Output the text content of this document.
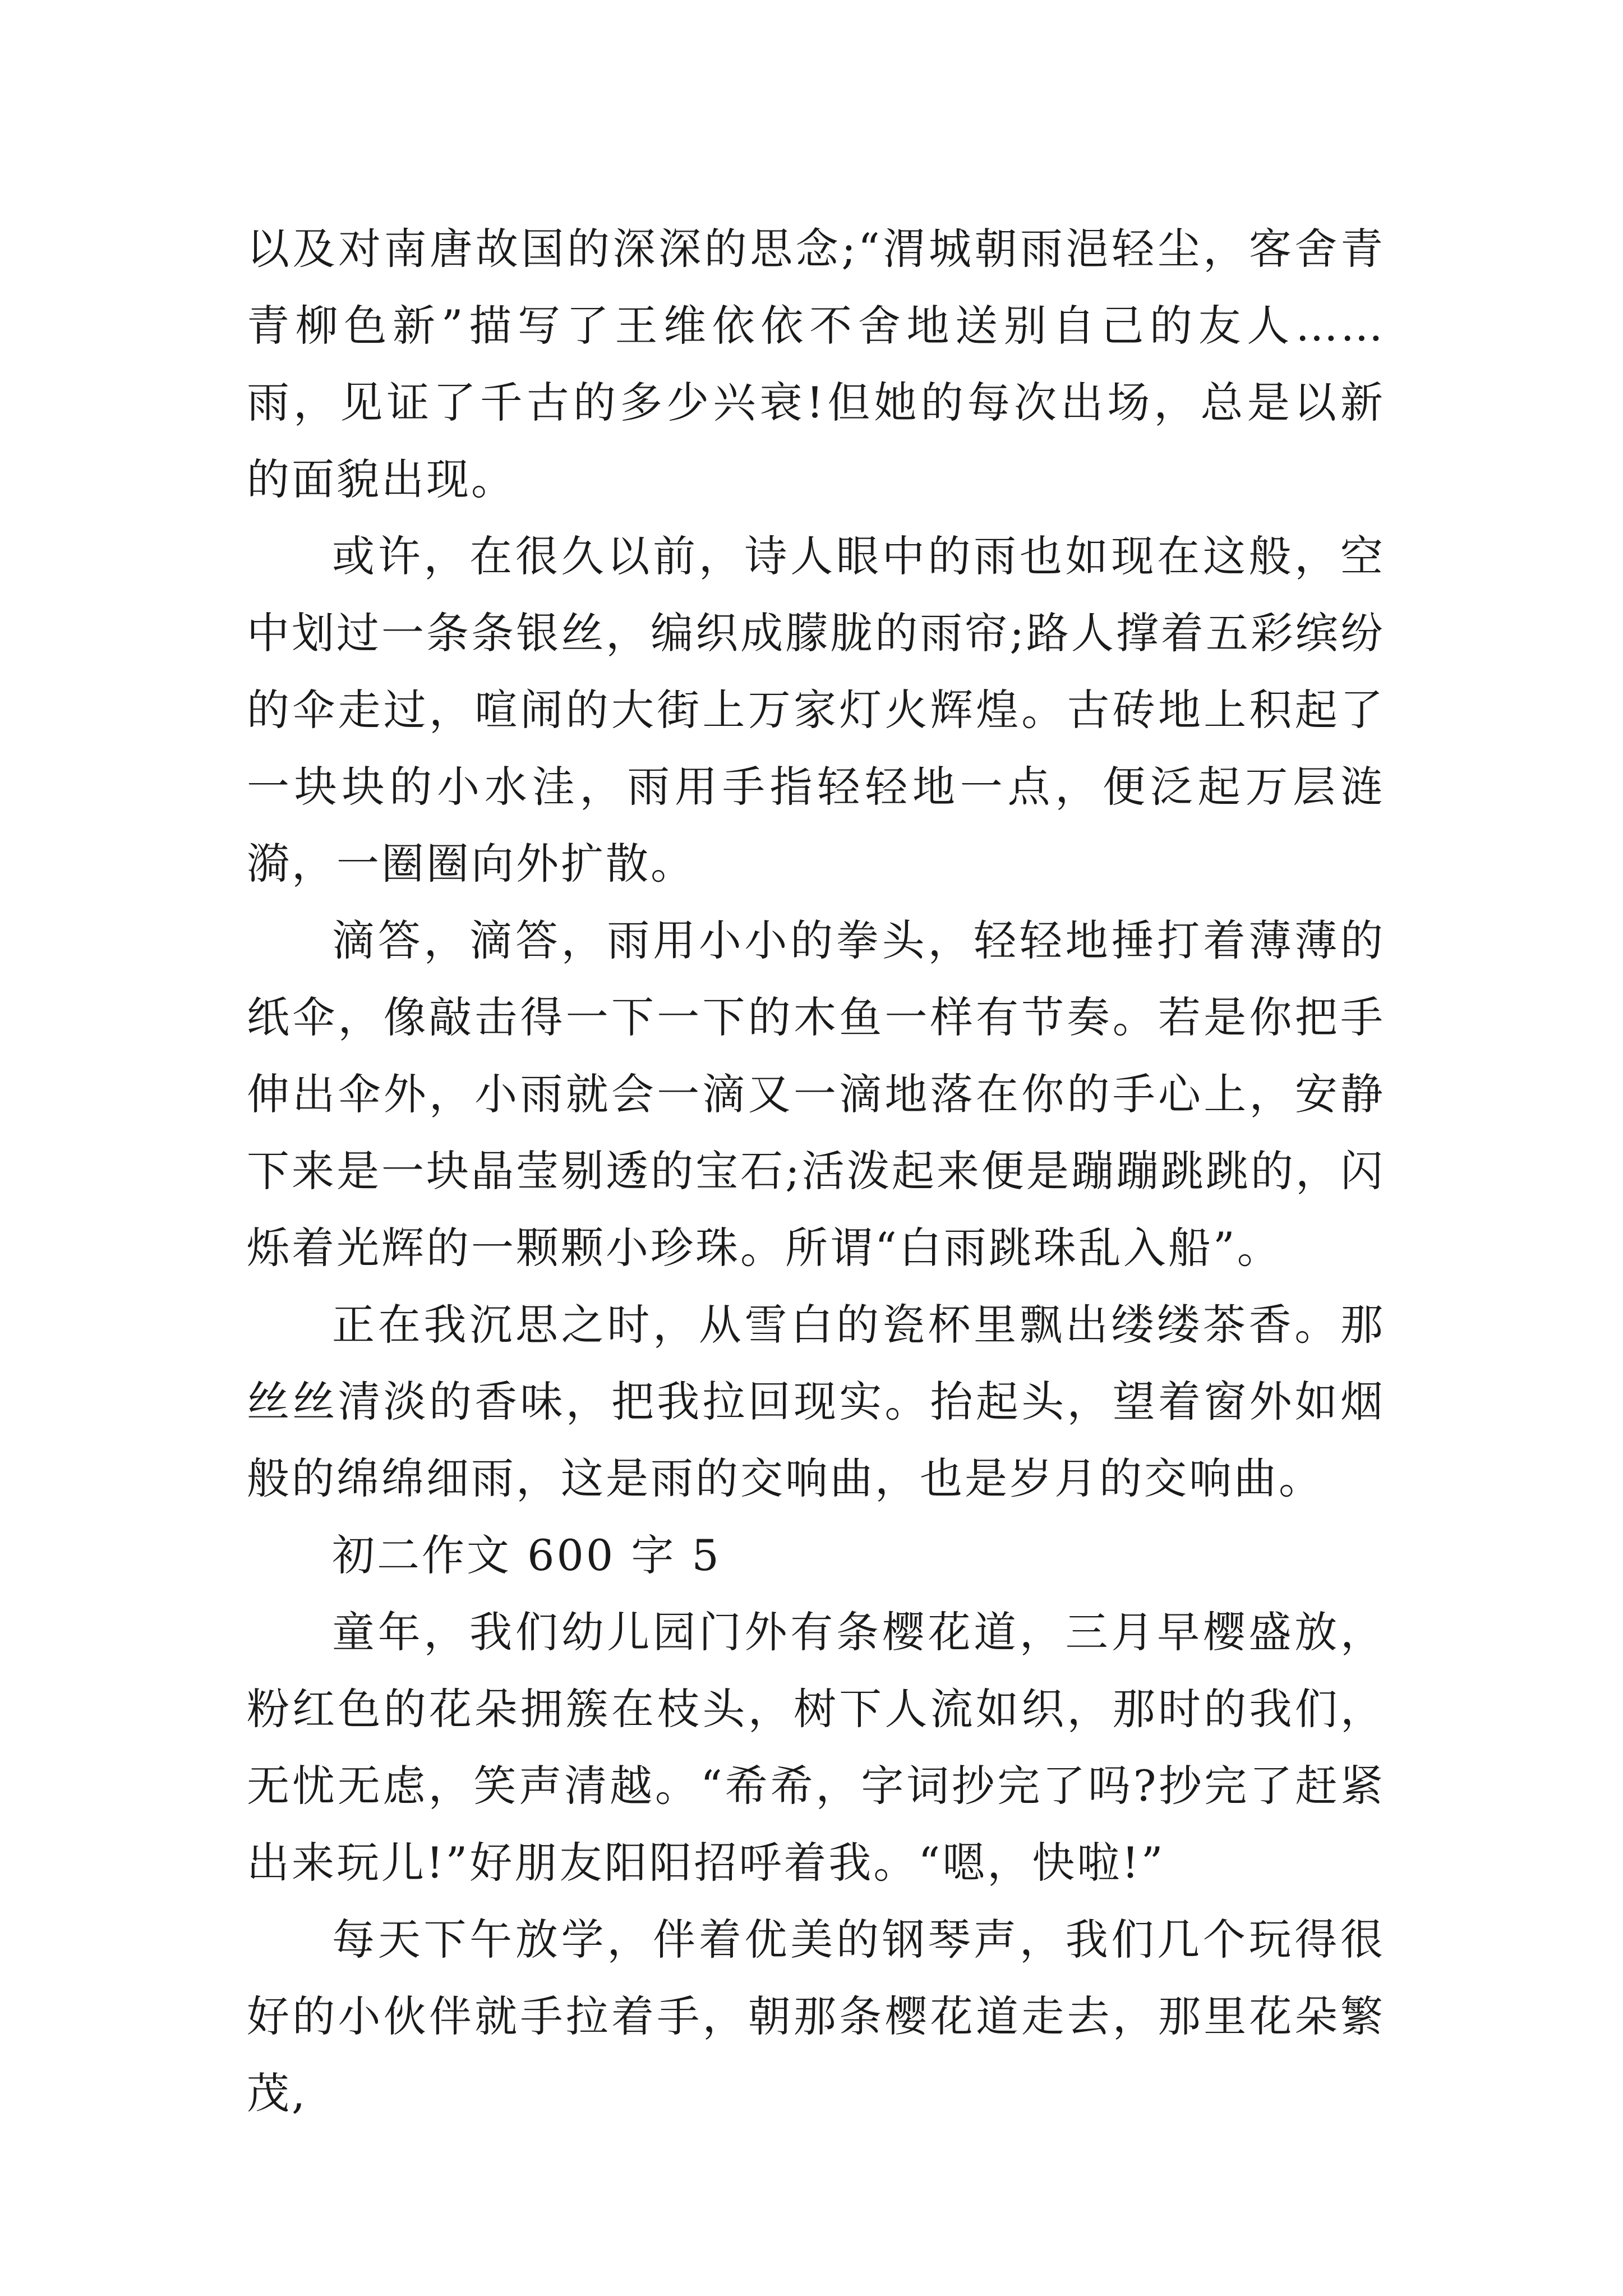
以及对南唐故国的深深的思念;“渭城朝雨浥轻尘，客舍青青柳色新”描写了王维依依不舍地送别自己的友人……雨，见证了千古的多少兴衰!但她的每次出场，总是以新的面貌出现。

或许，在很久以前，诗人眼中的雨也如现在这般，空中划过一条条银丝，编织成朦胧的雨帘;路人撑着五彩缤纷的伞走过，喧闹的大街上万家灯火辉煌。古砖地上积起了一块块的小水洼，雨用手指轻轻地一点，便泛起万层涟漪，一圈圈向外扩散。

滴答，滴答，雨用小小的拳头，轻轻地捶打着薄薄的纸伞，像敲击得一下一下的木鱼一样有节奏。若是你把手伸出伞外，小雨就会一滴又一滴地落在你的手心上，安静下来是一块晶莹剔透的宝石;活泼起来便是蹦蹦跳跳的，闪烁着光辉的一颗颗小珍珠。所谓“白雨跳珠乱入船”。

正在我沉思之时，从雪白的瓷杯里飘出缕缕茶香。那丝丝清淡的香味，把我拉回现实。抬起头，望着窗外如烟般的绵绵细雨，这是雨的交响曲，也是岁月的交响曲。

初二作文 600 字 5

童年，我们幼儿园门外有条樱花道，三月早樱盛放，粉红色的花朵拥簇在枝头，树下人流如织，那时的我们，无忧无虑，笑声清越。“希希，字词抄完了吗?抄完了赶紧出来玩儿!”好朋友阳阳招呼着我。“嗯，快啦!”

每天下午放学，伴着优美的钢琴声，我们几个玩得很好的小伙伴就手拉着手，朝那条樱花道走去，那里花朵繁茂,
